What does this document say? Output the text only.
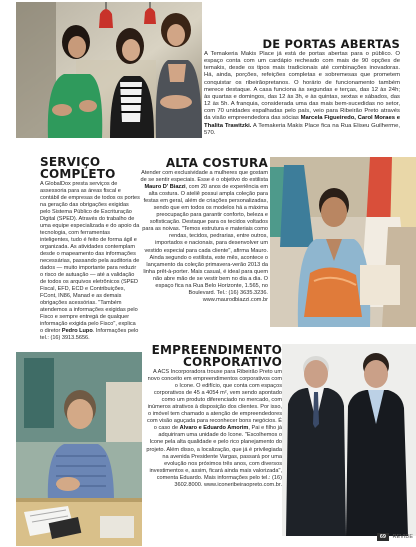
DE PORTAS ABERTAS

A Temakeria Makis Place já está de portas abertas para o público. O espaço conta com um cardápio recheado com mais de 90 opções de temakis, desde os tipos mais tradicionais até combinações inovadoras. Há, ainda, porções, refeições completas e sobremesas que prometem conquistar os ribeirãopretanos. O horário de funcionamento também merece destaque. A casa funciona às segundas e terças, das 12 às 24h; às quartas e domingos, das 12 às 3h, e às quintas, sextas e sábados, das 12 às 5h. A franquia, considerada uma das mais bem-sucedidas no setor, com 70 unidades espalhadas pelo país, veio para Ribeirão Preto através da visão empreendedora das sócias Marcela Figueiredo, Carol Moraes e Thalita Trawitzki. A Temakeria Makis Place fica na Rua Eliseu Guilherme, 570.

SERVIÇO
COMPLETO

A GlobalDox presta serviços de assessoria para as áreas fiscal e contábil de empresas de todos os portes na geração das obrigações exigidas pelo Sistema Público de Escrituração Digital (SPED). Através do trabalho de uma equipe especializada e do apoio da tecnologia, com ferramentas inteligentes, tudo é feito de forma ágil e organizada. As atividades contemplam desde o mapeamento das informações necessárias, passando pela auditoria de dados — muito importante para reduzir o risco de autuação — até a validação de todos os arquivos eletrônicos (SPED Fiscal, EFD, ECD e Contribuições, FCont, IN86, Manad e as demais obrigações acessórias. "Também atendemos a informações exigidas pelo Fisco e sempre entregá de qualquer informação exigida pelo Fisco", explica o diretor Pedro Lupo. Informações pelo tel.: (16) 3913.5656.

ALTA COSTURA

Atender com exclusividade a mulheres que gostam de se sentir especiais. Esse é o objetivo do estilista Mauro D' Biazzi, com 20 anos de experiência em alta costura. O ateliê possui ampla coleção para festas em geral, além de criações personalizadas, sendo que em todos os modelos há a máxima preocupação para garantir conforto, beleza e sofisticação. Destaque para os tecidos voltados para as noivas. "Temos estrutura e materiais como rendas, tecidos, pedrarias, entre outros, importados e nacionais, para desenvolver um vestido especial para cada cliente", afirma Mauro. Ainda segundo o estilista, este mês, acontece o lançamento da coleção primavera-verão 2013 da linha prêt-à-porter. Mais casual, é ideal para quem não abre mão de se vestir bem no dia a dia. O espaço fica na Rua Belo Horizonte, 1.565, no Boulevard. Tel.: (16) 3635.3236. www.maurodbiazzi.com.br

EMPREENDIMENTO
CORPORATIVO

A ACS Incorporadora trouxe para Ribeirão Preto um novo conceito em empreendimentos corporativos com o Icone. O edifício, que conta com espaços corporativos de 45 a 4054 m², vem sendo apontado como um produto diferenciado no mercado, com inúmeros atrativos à disposição dos clientes. Por isso, o imóvel tem chamado a atenção de empreendedores com visão aguçada para reconhecer bons negócios. É o caso de Alvaro e Eduardo Amorim, Pai e filho já adquiriram uma unidade do Icone. "Escolhemos o Icone pela alta qualidade e pelo rico planejamento do projeto. Além disso, a localização, que já é privilegiada na avenida Presidente Vargas, passará por uma evolução nos próximos três anos, com diversos investimentos e, assim, ficará ainda mais valorizada", comenta Eduardo. Mais informações pelo tel.: (16) 3602.8000. www.iconeribeiraopreto.com.br.

69 REVIDE
